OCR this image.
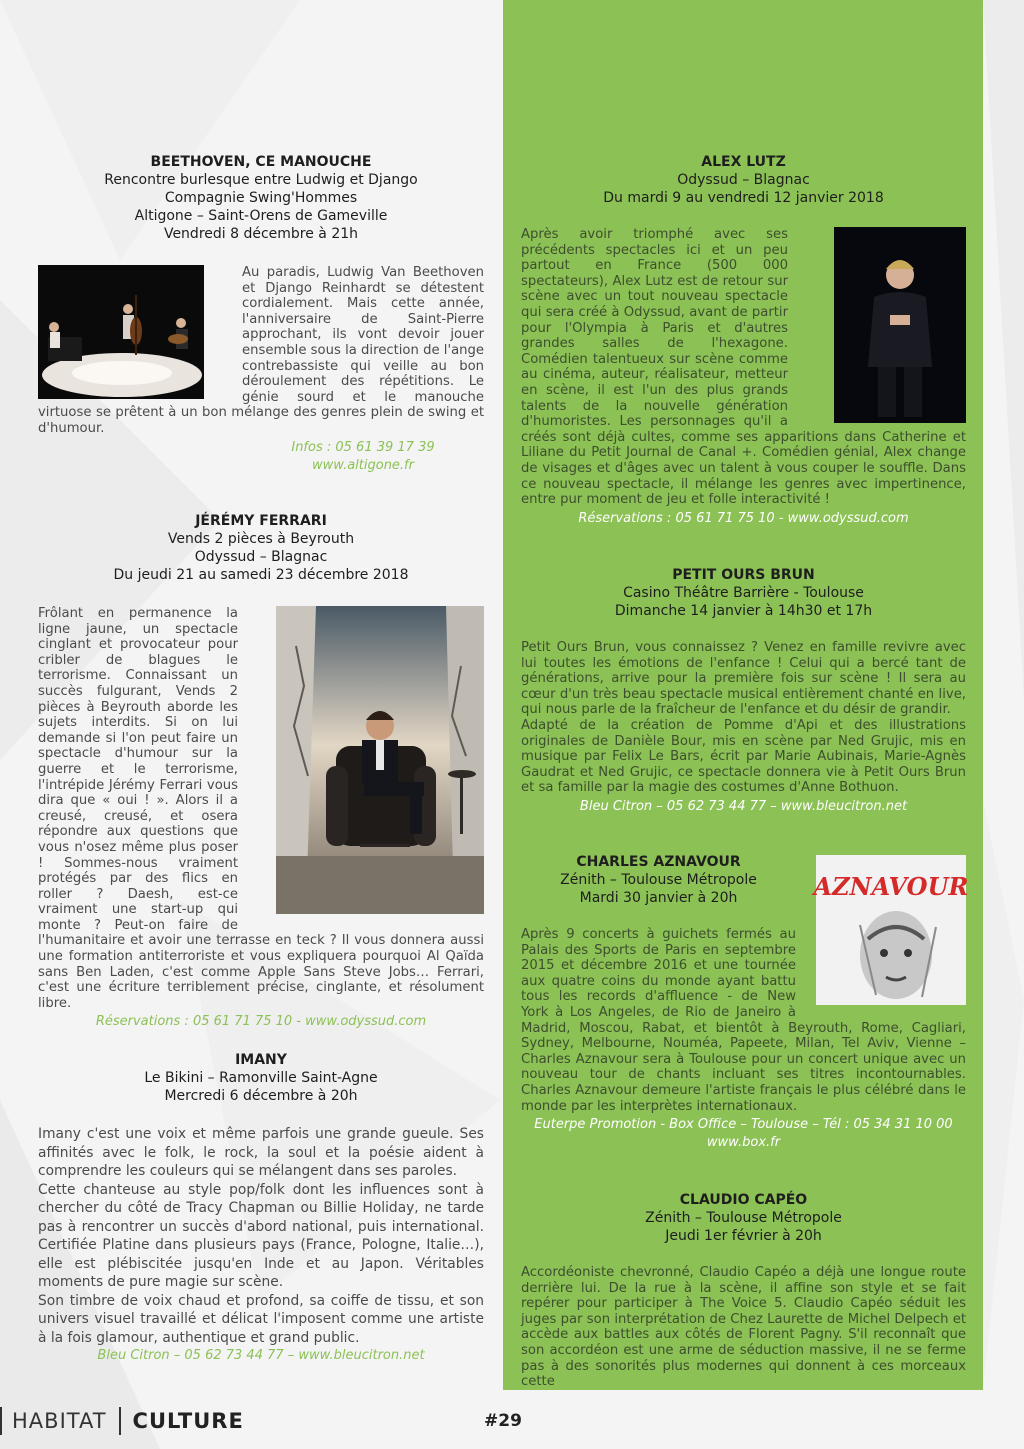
BEETHOVEN, CE MANOUCHE
Rencontre burlesque entre Ludwig et Django
Compagnie Swing'Hommes
Altigone – Saint-Orens de Gameville
Vendredi 8 décembre à 21h

Au paradis, Ludwig Van Beethoven et Django Reinhardt se détestent cordialement. Mais cette année, l'anniversaire de Saint-Pierre approchant, ils vont devoir jouer ensemble sous la direction de l'ange contrebassiste qui veille au bon déroulement des répétitions. Le génie sourd et le manouche virtuose se prêtent à un bon mélange des genres plein de swing et d'humour.

Infos : 05 61 39 17 39

www.altigone.fr

JÉRÉMY FERRARI
Vends 2 pièces à Beyrouth
Odyssud – Blagnac
Du jeudi 21 au samedi 23 décembre 2018

Frôlant en permanence la ligne jaune, un spectacle cinglant et provocateur pour cribler de blagues le terrorisme. Connaissant un succès fulgurant, Vends 2 pièces à Beyrouth aborde les sujets interdits. Si on lui demande si l'on peut faire un spectacle d'humour sur la guerre et le terrorisme, l'intrépide Jérémy Ferrari vous dira que « oui ! ». Alors il a creusé, creusé, et osera répondre aux questions que vous n'osez même plus poser ! Sommes-nous vraiment protégés par des flics en roller ? Daesh, est-ce vraiment une start-up qui monte ? Peut-on faire de l'humanitaire et avoir une terrasse en teck ? Il vous donnera aussi une formation antiterroriste et vous expliquera pourquoi Al Qaïda sans Ben Laden, c'est comme Apple Sans Steve Jobs… Ferrari, c'est une écriture terriblement précise, cinglante, et résolument libre.

Réservations : 05 61 71 75 10 - www.odyssud.com

IMANY
Le Bikini – Ramonville Saint-Agne
Mercredi 6 décembre à 20h

Imany c'est une voix et même parfois une grande gueule. Ses affinités avec le folk, le rock, la soul et la poésie aident à comprendre les couleurs qui se mélangent dans ses paroles.

Cette chanteuse au style pop/folk dont les influences sont à chercher du côté de Tracy Chapman ou Billie Holiday, ne tarde pas à rencontrer un succès d'abord national, puis international. Certifiée Platine dans plusieurs pays (France, Pologne, Italie…), elle est plébiscitée jusqu'en Inde et au Japon. Véritables moments de pure magie sur scène.

Son timbre de voix chaud et profond, sa coiffe de tissu, et son univers visuel travaillé et délicat l'imposent comme une artiste à la fois glamour, authentique et grand public.

Bleu Citron – 05 62 73 44 77 – www.bleucitron.net

ALEX LUTZ
Odyssud – Blagnac
Du mardi 9 au vendredi 12 janvier 2018

Après avoir triomphé avec ses précédents spectacles ici et un peu partout en France (500 000 spectateurs), Alex Lutz est de retour sur scène avec un tout nouveau spectacle qui sera créé à Odyssud, avant de partir pour l'Olympia à Paris et d'autres grandes salles de l'hexagone. Comédien talentueux sur scène comme au cinéma, auteur, réalisateur, metteur en scène, il est l'un des plus grands talents de la nouvelle génération d'humoristes. Les personnages qu'il a créés sont déjà cultes, comme ses apparitions dans Catherine et Liliane du Petit Journal de Canal +. Comédien génial, Alex change de visages et d'âges avec un talent à vous couper le souffle. Dans ce nouveau spectacle, il mélange les genres avec impertinence, entre pur moment de jeu et folle interactivité !

Réservations : 05 61 71 75 10 - www.odyssud.com

PETIT OURS BRUN
Casino Théâtre Barrière - Toulouse
Dimanche 14 janvier à 14h30 et 17h

Petit Ours Brun, vous connaissez ? Venez en famille revivre avec lui toutes les émotions de l'enfance ! Celui qui a bercé tant de générations, arrive pour la première fois sur scène ! Il sera au cœur d'un très beau spectacle musical entièrement chanté en live, qui nous parle de la fraîcheur de l'enfance et du désir de grandir.

Adapté de la création de Pomme d'Api et des illustrations originales de Danièle Bour, mis en scène par Ned Grujic, mis en musique par Felix Le Bars, écrit par Marie Aubinais, Marie-Agnès Gaudrat et Ned Grujic, ce spectacle donnera vie à Petit Ours Brun et sa famille par la magie des costumes d'Anne Bothuon.

Bleu Citron – 05 62 73 44 77 – www.bleucitron.net

AZNAVOUR
CHARLES AZNAVOUR
Zénith – Toulouse Métropole
Mardi 30 janvier à 20h

Après 9 concerts à guichets fermés au Palais des Sports de Paris en septembre 2015 et décembre 2016 et une tournée aux quatre coins du monde ayant battu tous les records d'affluence - de New York à Los Angeles, de Rio de Janeiro à Madrid, Moscou, Rabat, et bientôt à Beyrouth, Rome, Cagliari, Sydney, Melbourne, Nouméa, Papeete, Milan, Tel Aviv, Vienne – Charles Aznavour sera à Toulouse pour un concert unique avec un nouveau tour de chants incluant ses titres incontournables. Charles Aznavour demeure l'artiste français le plus célébré dans le monde par les interprètes internationaux.

Euterpe Promotion - Box Office – Toulouse – Tél : 05 34 31 10 00

www.box.fr

CLAUDIO CAPÉO
Zénith – Toulouse Métropole
Jeudi 1er février à 20h

Accordéoniste chevronné, Claudio Capéo a déjà une longue route derrière lui. De la rue à la scène, il affine son style et se fait repérer pour participer à The Voice 5. Claudio Capéo séduit les juges par son interprétation de Chez Laurette de Michel Delpech et accède aux battles aux côtés de Florent Pagny. S'il reconnaît que son accordéon est une arme de séduction massive, il ne se ferme pas à des sonorités plus modernes qui donnent à ces morceaux cette

HABITAT CULTURE	#29
